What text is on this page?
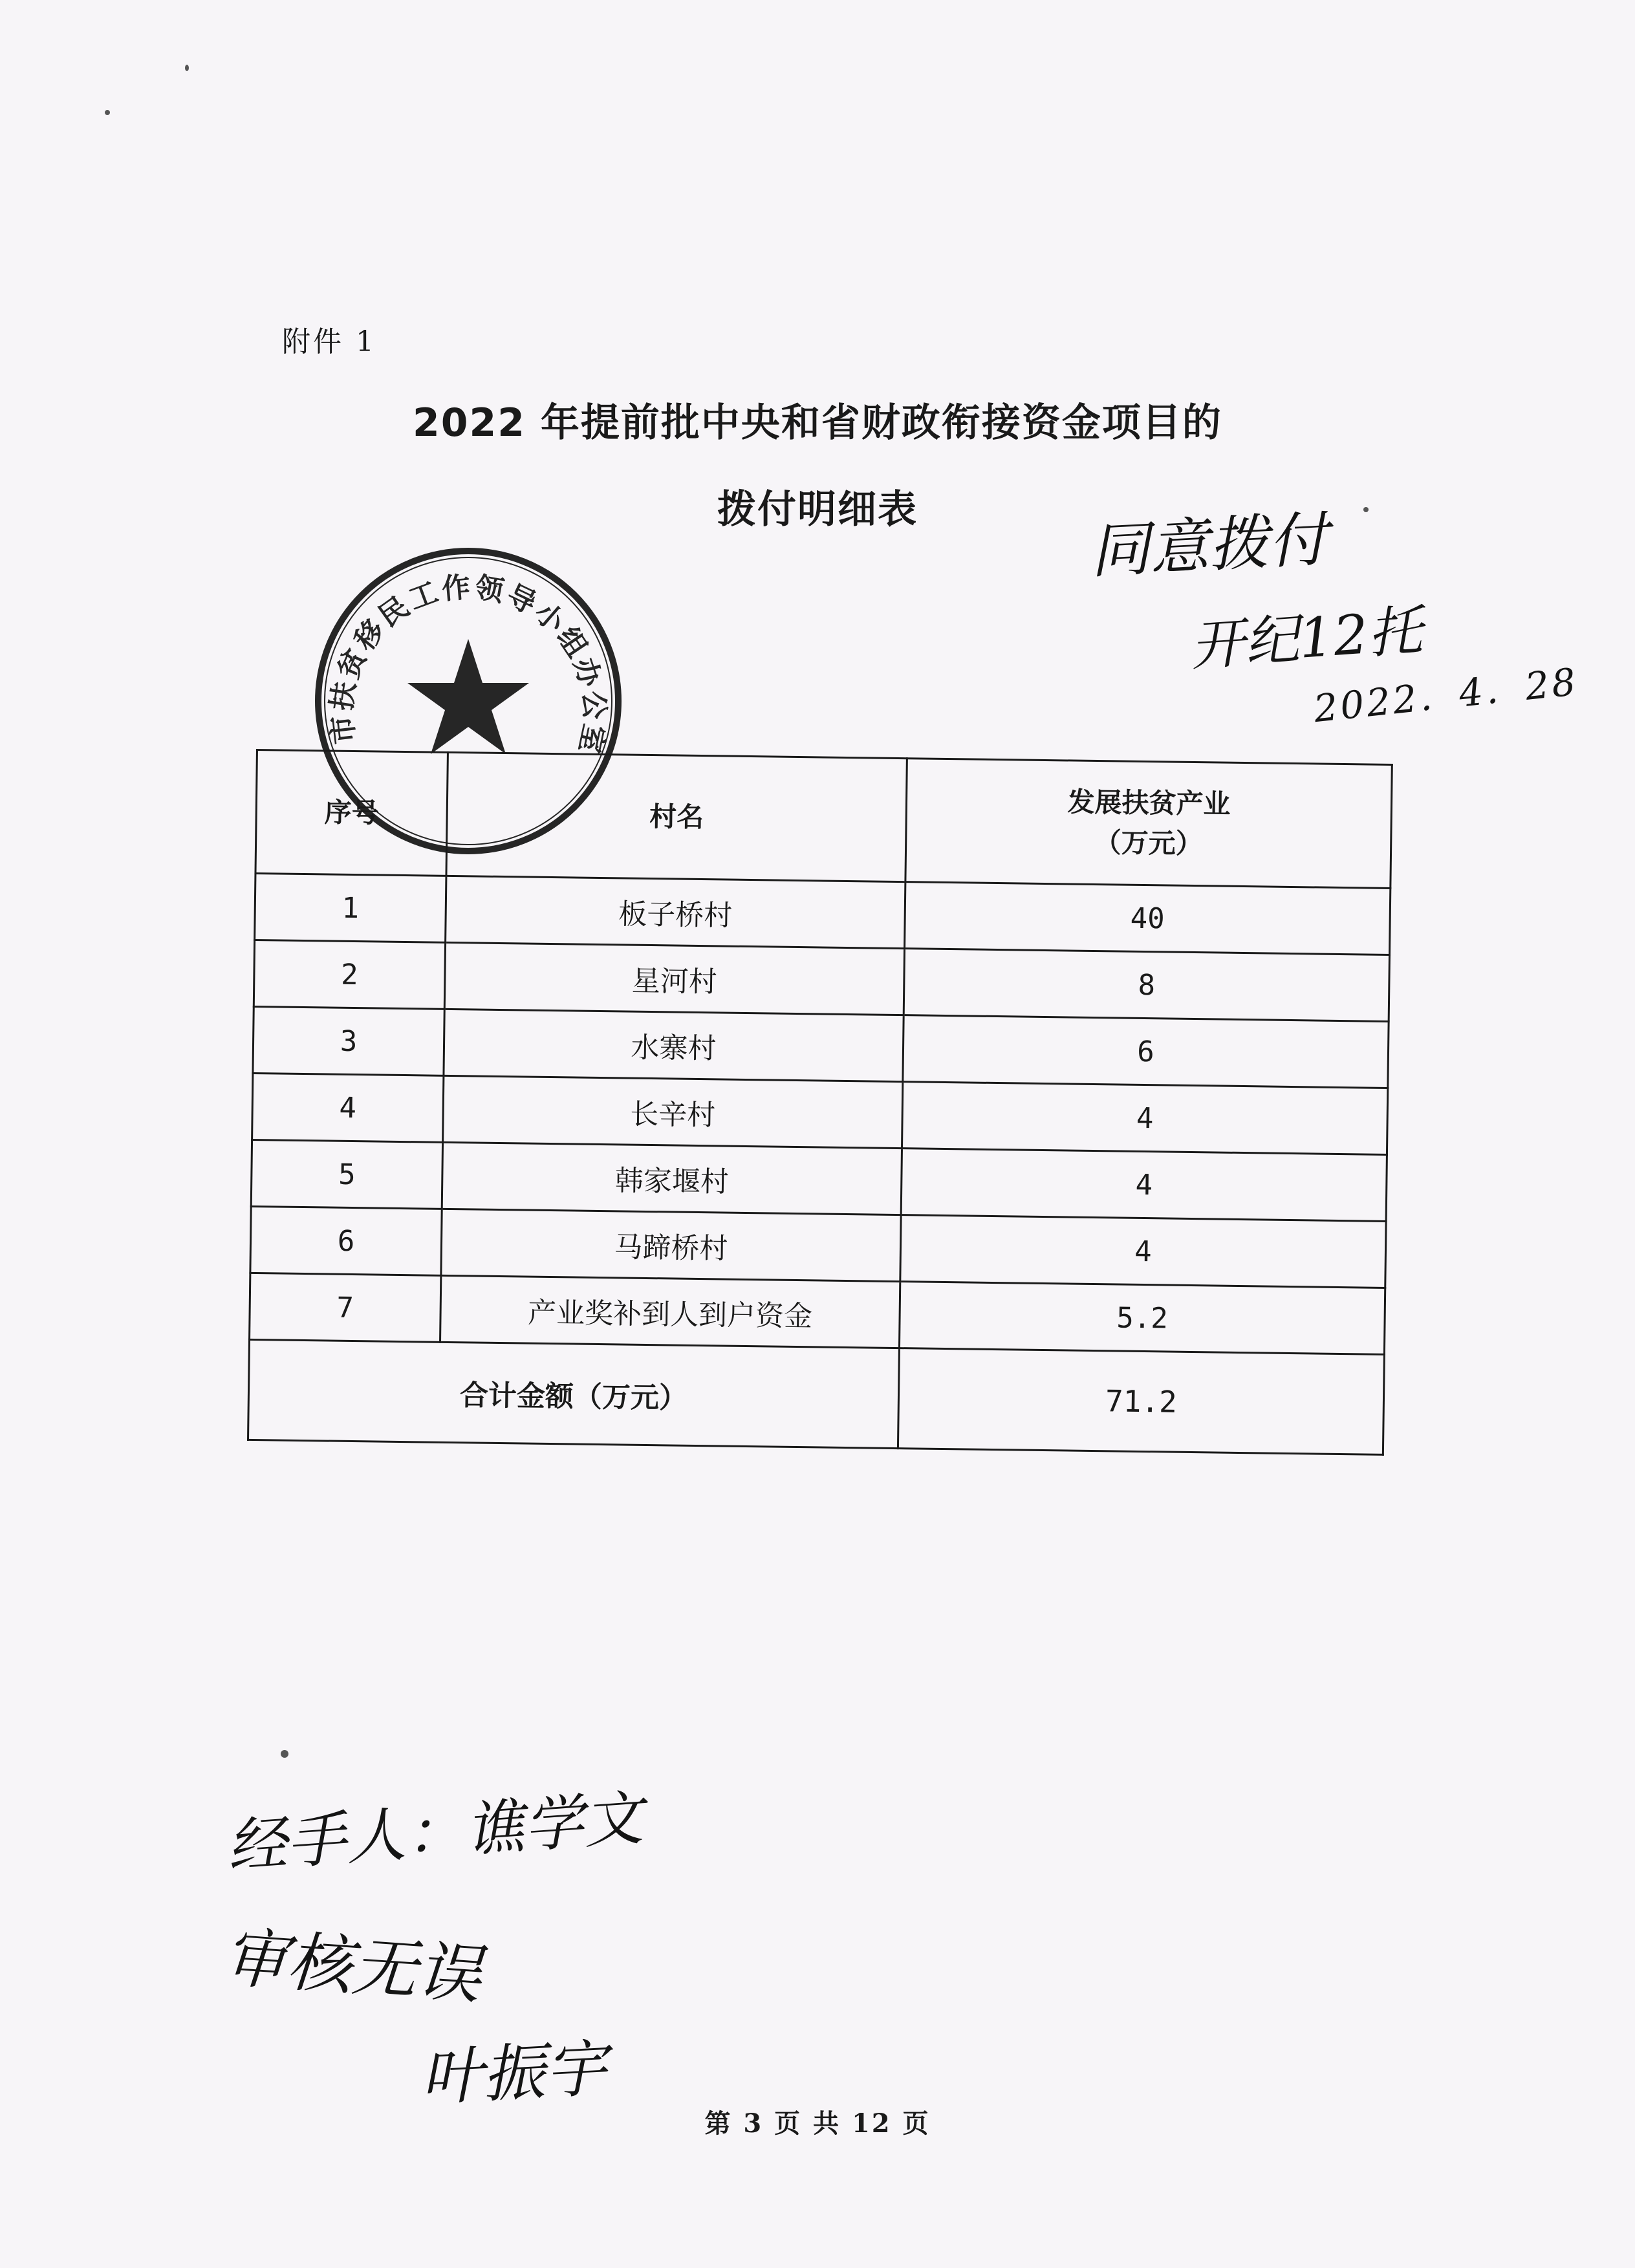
附件 1
2022 年提前批中央和省财政衔接资金项目的
拨付明细表
市扶贫移民工作领导小组办公室
同意拨付
开纪12托
2022．4．28
序号	村名	发展扶贫产业
（万元）

1	板子桥村	40
2	星河村	8
3	水寨村	6
4	长辛村	4
5	韩家堰村	4
6	马蹄桥村	4
7	产业奖补到人到户资金	5.2
合计金额（万元）		71.2
经手人：谯学文
审核无误
叶振宇
第 3 页 共 12 页
